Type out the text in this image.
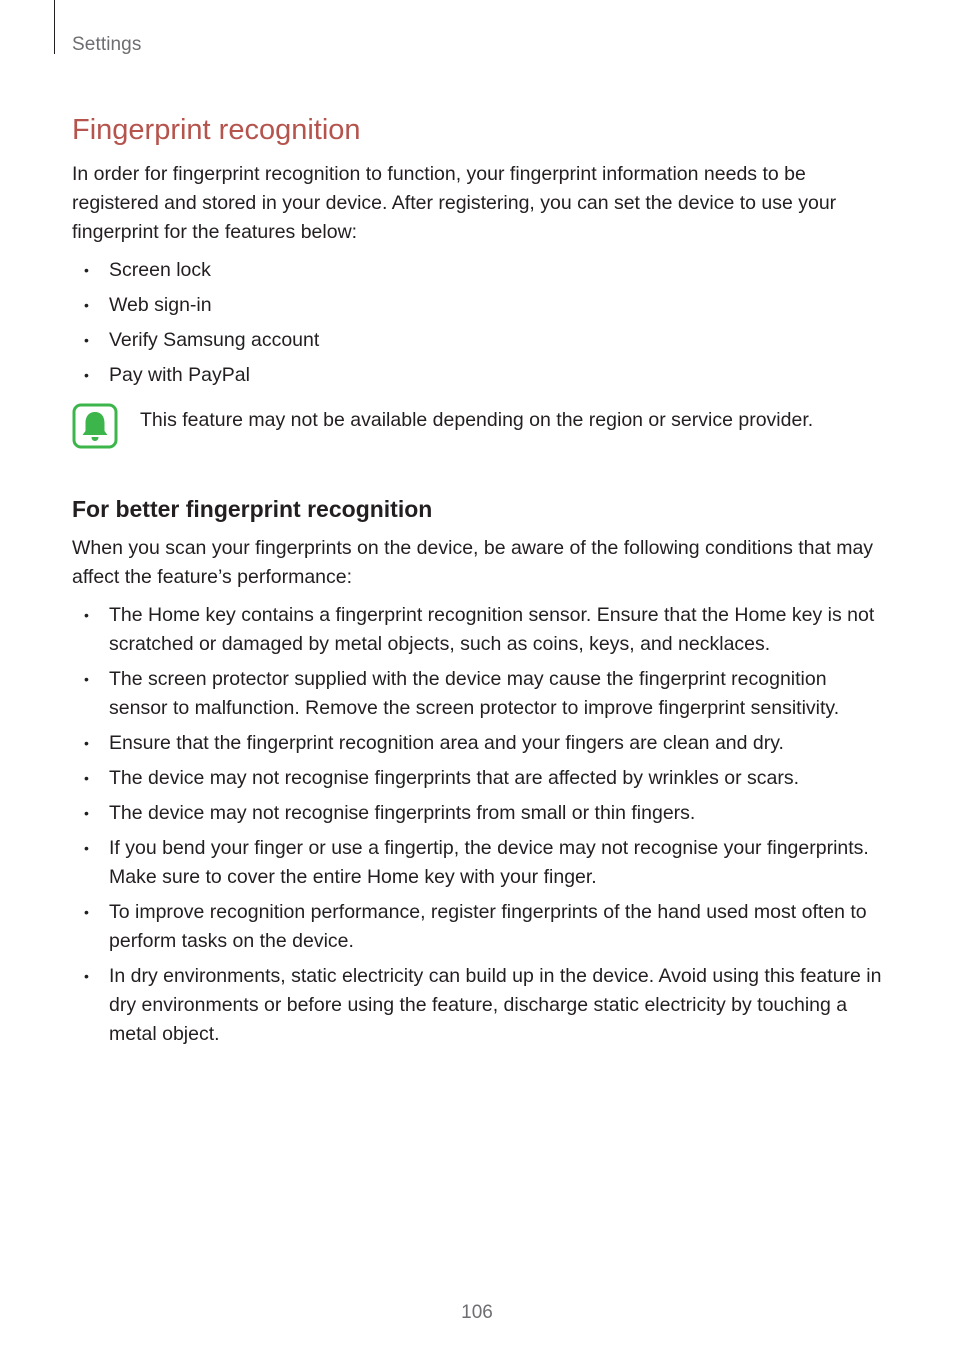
Settings
Fingerprint recognition

In order for fingerprint recognition to function, your fingerprint information needs to be registered and stored in your device. After registering, you can set the device to use your fingerprint for the features below:

• Screen lock
• Web sign-in
• Verify Samsung account
• Pay with PayPal
This feature may not be available depending on the region or service provider.
For better fingerprint recognition

When you scan your fingerprints on the device, be aware of the following conditions that may affect the feature’s performance:

• The Home key contains a fingerprint recognition sensor. Ensure that the Home key is not scratched or damaged by metal objects, such as coins, keys, and necklaces.
• The screen protector supplied with the device may cause the fingerprint recognition sensor to malfunction. Remove the screen protector to improve fingerprint sensitivity.
• Ensure that the fingerprint recognition area and your fingers are clean and dry.
• The device may not recognise fingerprints that are affected by wrinkles or scars.
• The device may not recognise fingerprints from small or thin fingers.
• If you bend your finger or use a fingertip, the device may not recognise your fingerprints. Make sure to cover the entire Home key with your finger.
• To improve recognition performance, register fingerprints of the hand used most often to perform tasks on the device.
• In dry environments, static electricity can build up in the device. Avoid using this feature in dry environments or before using the feature, discharge static electricity by touching a metal object.
106
